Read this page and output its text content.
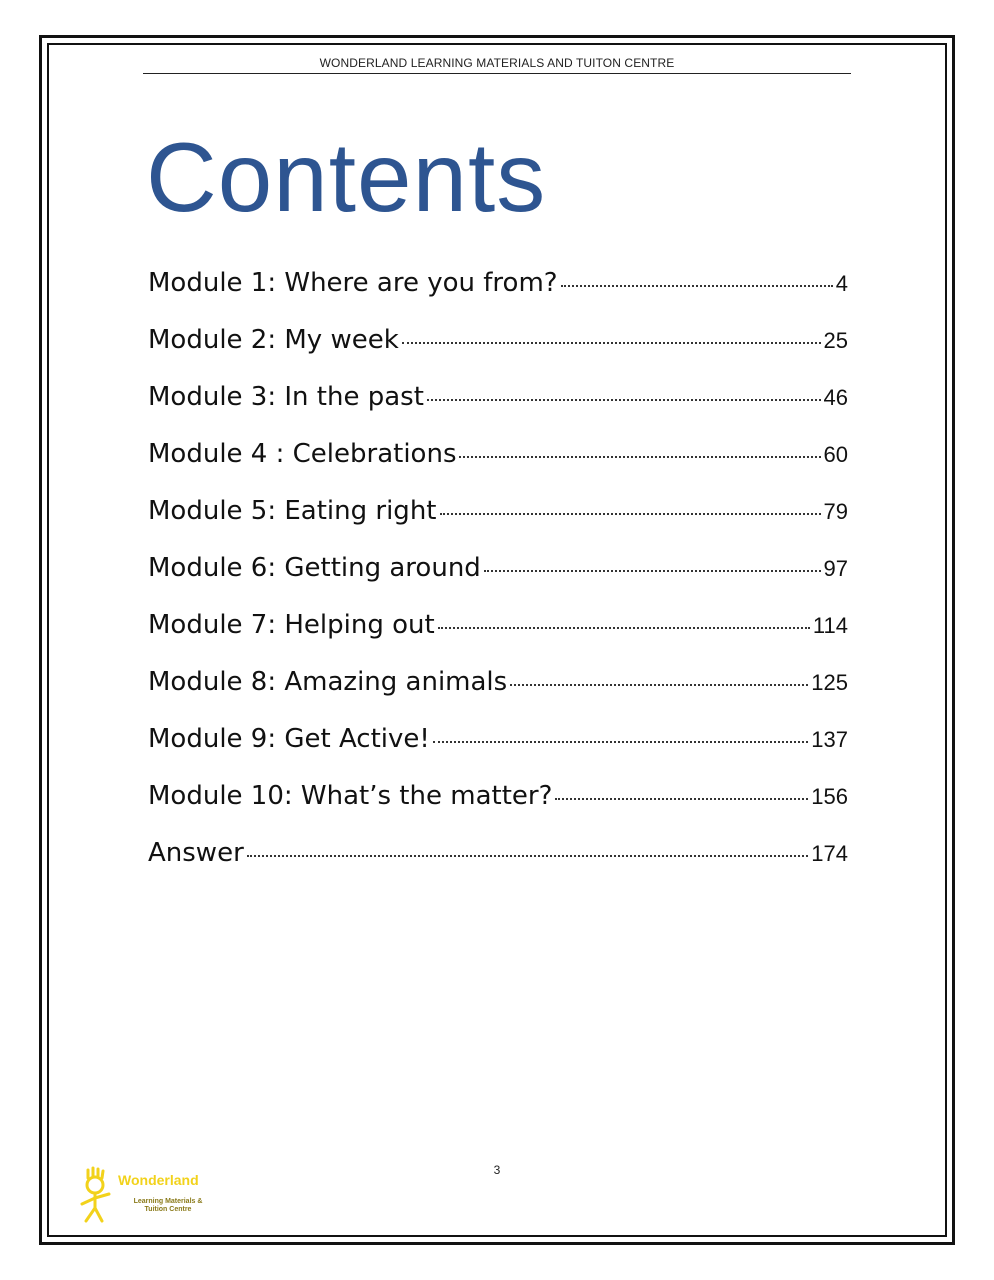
WONDERLAND LEARNING MATERIALS AND TUITON CENTRE
Contents
Module 1: Where are you from?	4
Module 2: My week	25
Module 3: In the past	46
Module 4 : Celebrations	60
Module 5: Eating right	79
Module 6: Getting around	97
Module 7: Helping out	114
Module 8: Amazing animals	125
Module 9: Get Active!	137
Module 10: What’s the matter?	156
Answer	174
3
Wonderland
Learning Materials &
Tuition Centre
